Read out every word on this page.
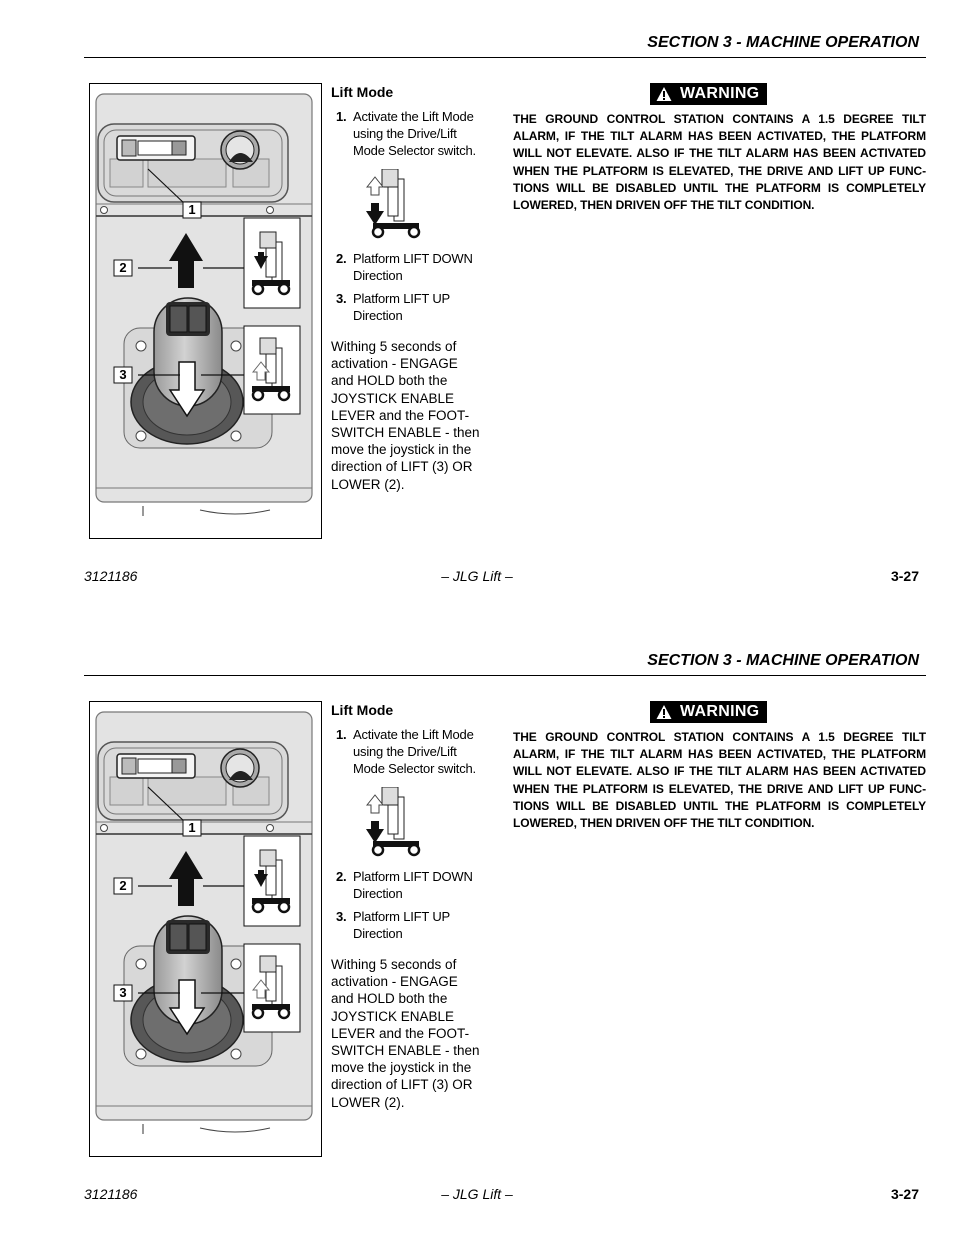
SECTION 3 - MACHINE OPERATION
1
2
3
Lift Mode
1. Activate the Lift Mode using the Drive/Lift Mode Selector switch.
2. Platform LIFT DOWN Direction
3. Platform LIFT UP Direction
Withing 5 seconds of activation - ENGAGE and HOLD both the JOYSTICK ENABLE LEVER and the FOOT-SWITCH ENABLE - then move the joystick in the direction of LIFT (3) OR LOWER (2).
WARNING
THE GROUND CONTROL STATION CONTAINS A 1.5 DEGREE TILT ALARM, IF THE TILT ALARM HAS BEEN ACTIVATED, THE PLATFORM WILL NOT ELEVATE. ALSO IF THE TILT ALARM HAS BEEN ACTIVATED WHEN THE PLATFORM IS ELEVATED, THE DRIVE AND LIFT UP FUNC-TIONS WILL BE DISABLED UNTIL THE PLATFORM IS COMPLETELY LOWERED, THEN DRIVEN OFF THE TILT CONDITION.
3121186	– JLG Lift –	3-27
SECTION 3 - MACHINE OPERATION
1
2
3
Lift Mode
1. Activate the Lift Mode using the Drive/Lift Mode Selector switch.
2. Platform LIFT DOWN Direction
3. Platform LIFT UP Direction
Withing 5 seconds of activation - ENGAGE and HOLD both the JOYSTICK ENABLE LEVER and the FOOT-SWITCH ENABLE - then move the joystick in the direction of LIFT (3) OR LOWER (2).
WARNING
THE GROUND CONTROL STATION CONTAINS A 1.5 DEGREE TILT ALARM, IF THE TILT ALARM HAS BEEN ACTIVATED, THE PLATFORM WILL NOT ELEVATE. ALSO IF THE TILT ALARM HAS BEEN ACTIVATED WHEN THE PLATFORM IS ELEVATED, THE DRIVE AND LIFT UP FUNC-TIONS WILL BE DISABLED UNTIL THE PLATFORM IS COMPLETELY LOWERED, THEN DRIVEN OFF THE TILT CONDITION.
3121186	– JLG Lift –	3-27
